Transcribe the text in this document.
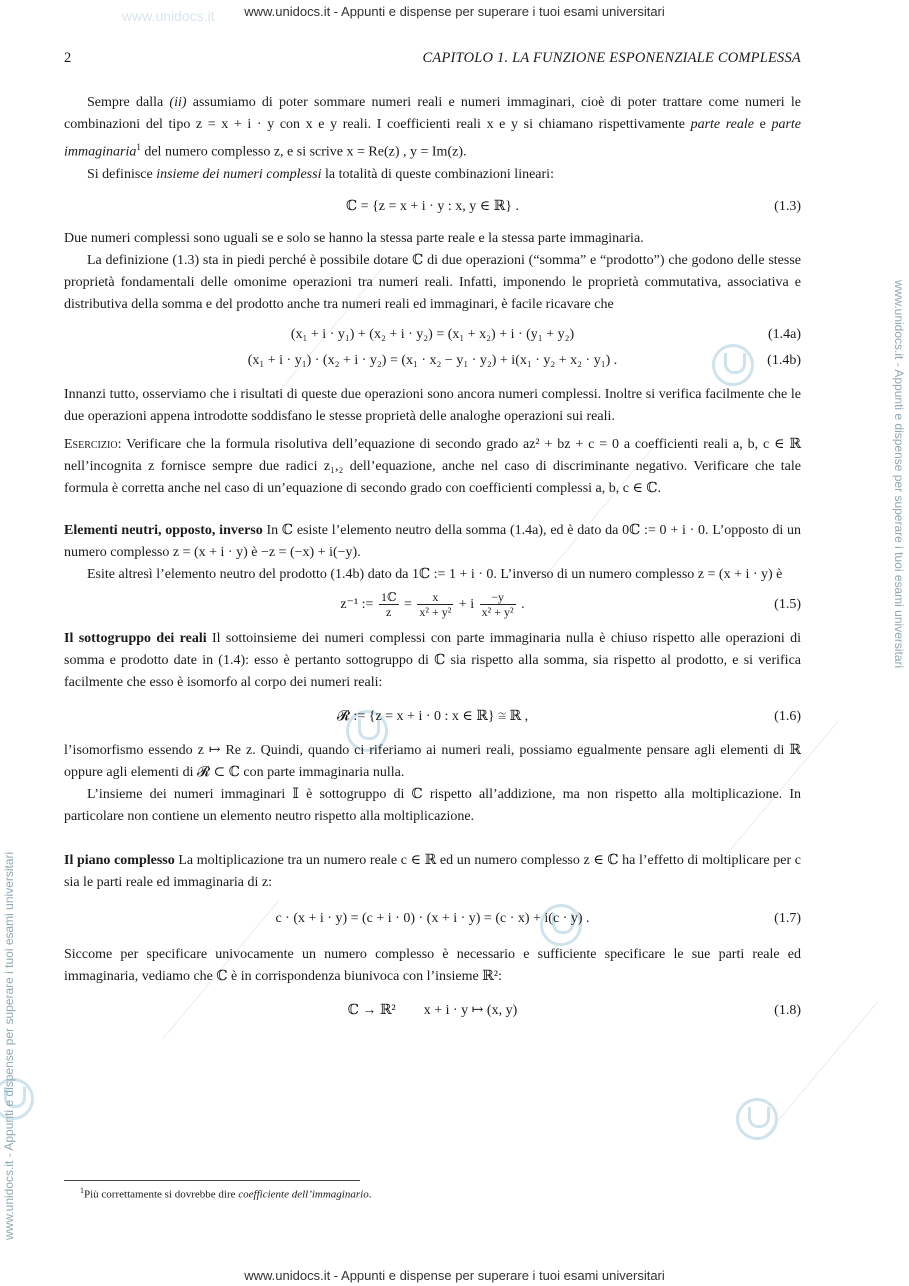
www.unidocs.it	www.unidocs.it - Appunti e dispense per superare i tuoi esami universitari
www.unidocs.it - Appunti e dispense per superare i tuoi esami universitari
www.unidocs.it - Appunti e dispense per superare i tuoi esami universitari
www.unidocs.it - Appunti e dispense per superare i tuoi esami universitari
2	CAPITOLO 1. LA FUNZIONE ESPONENZIALE COMPLESSA

Sempre dalla (ii) assumiamo di poter sommare numeri reali e numeri immaginari, cioè di poter trattare come numeri le combinazioni del tipo z = x + i · y con x e y reali. I coefficienti reali x e y si chiamano rispettivamente parte reale e parte immaginaria$^1$ del numero complesso z, e si scrive x = Re(z) , y = Im(z).

Si definisce insieme dei numeri complessi la totalità di queste combinazioni lineari:

ℂ = {z = x + i · y : x, y ∈ ℝ} .	(1.3)

Due numeri complessi sono uguali se e solo se hanno la stessa parte reale e la stessa parte immaginaria.

La definizione (1.3) sta in piedi perché è possibile dotare ℂ di due operazioni (“somma” e “prodotto”) che godono delle stesse proprietà fondamentali delle omonime operazioni tra numeri reali. Infatti, imponendo le proprietà commutativa, associativa e distributiva della somma e del prodotto anche tra numeri reali ed immaginari, è facile ricavare che

(x₁ + i · y₁) + (x₂ + i · y₂) = (x₁ + x₂) + i · (y₁ + y₂)	(1.4a)
(x₁ + i · y₁) · (x₂ + i · y₂) = (x₁ · x₂ − y₁ · y₂) + i(x₁ · y₂ + x₂ · y₁) .	(1.4b)

Innanzi tutto, osserviamo che i risultati di queste due operazioni sono ancora numeri complessi. Inoltre si verifica facilmente che le due operazioni appena introdotte soddisfano le stesse proprietà delle analoghe operazioni sui reali.

Esercizio: Verificare che la formula risolutiva dell’equazione di secondo grado az² + bz + c = 0 a coefficienti reali a, b, c ∈ ℝ nell’incognita z fornisce sempre due radici z₁,₂ dell’equazione, anche nel caso di discriminante negativo. Verificare che tale formula è corretta anche nel caso di un’equazione di secondo grado con coefficienti complessi a, b, c ∈ ℂ.

Elementi neutri, opposto, inverso In ℂ esiste l’elemento neutro della somma (1.4a), ed è dato da 0ℂ := 0 + i · 0. L’opposto di un numero complesso z = (x + i · y) è −z = (−x) + i(−y).

Esite altresì l’elemento neutro del prodotto (1.4b) dato da 1ℂ := 1 + i · 0. L’inverso di un numero complesso z = (x + i · y) è

z⁻¹ := $\frac{\text{1ℂ}}{z} = \frac{x}{\text{x² + y²}} + i \frac{-y}{\text{x² + y²}}$ .	(1.5)

Il sottogruppo dei reali Il sottoinsieme dei numeri complessi con parte immaginaria nulla è chiuso rispetto alle operazioni di somma e prodotto date in (1.4): esso è pertanto sottogruppo di ℂ sia rispetto alla somma, sia rispetto al prodotto, e si verifica facilmente che esso è isomorfo al corpo dei numeri reali:

𝓡 := {z = x + i · 0 : x ∈ ℝ} ≅ ℝ ,	(1.6)

l’isomorfismo essendo z ↦ Re z. Quindi, quando ci riferiamo ai numeri reali, possiamo egualmente pensare agli elementi di ℝ oppure agli elementi di 𝓡 ⊂ ℂ con parte immaginaria nulla.

L’insieme dei numeri immaginari 𝕀 è sottogruppo di ℂ rispetto all’addizione, ma non rispetto alla moltiplicazione. In particolare non contiene un elemento neutro rispetto alla moltiplicazione.

Il piano complesso La moltiplicazione tra un numero reale c ∈ ℝ ed un numero complesso z ∈ ℂ ha l’effetto di moltiplicare per c sia le parti reale ed immaginaria di z:

c · (x + i · y) = (c + i · 0) · (x + i · y) = (c · x) + i(c · y) .	(1.7)

Siccome per specificare univocamente un numero complesso è necessario e sufficiente specificare le sue parti reale ed immaginaria, vediamo che ℂ è in corrispondenza biunivoca con l’insieme ℝ²:

ℂ → ℝ²        x + i · y ↦ (x, y)	(1.8)
$^1$Più correttamente si dovrebbe dire coefficiente dell’immaginario.
